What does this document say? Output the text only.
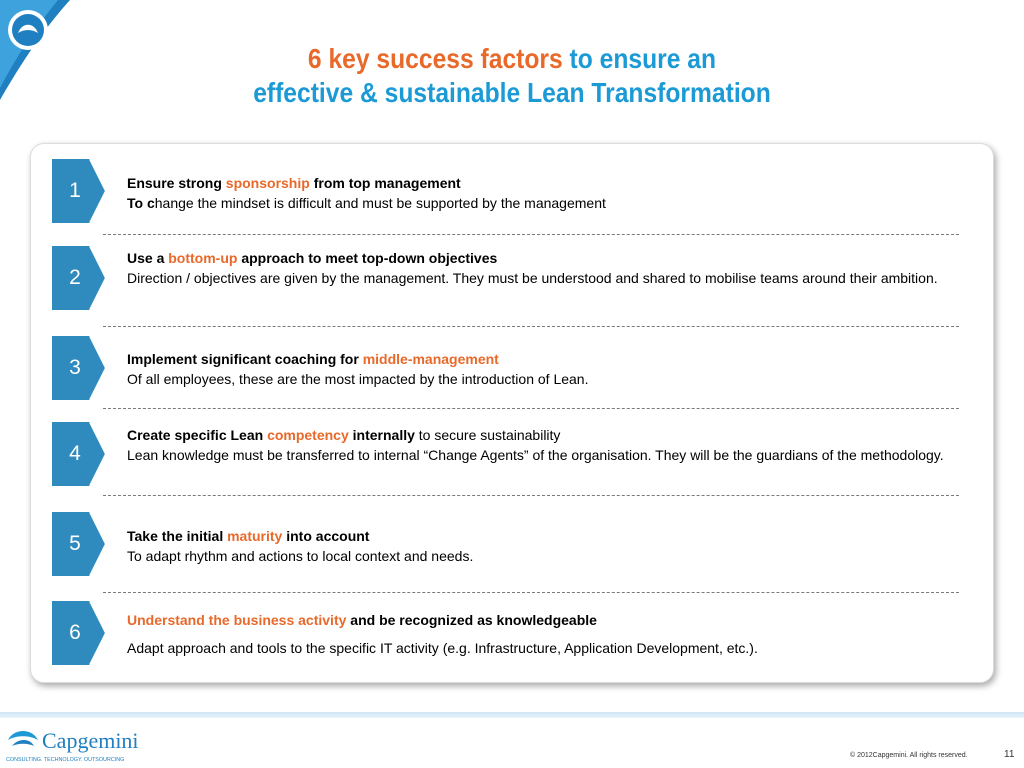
6 key success factors to ensure an
effective & sustainable Lean Transformation
1
2
3
4
5
6
Ensure strong sponsorship from top management
To change the mindset is difficult and must be supported by the management
Use a bottom-up approach to meet top-down objectives
Direction / objectives are given by the management. They must be understood and shared to mobilise teams around their ambition.
Implement significant coaching for middle-management
Of all employees, these are the most impacted by the introduction of Lean.
Create specific Lean competency internally to secure sustainability
Lean knowledge must be transferred to internal “Change Agents” of the organisation. They will be the guardians of the methodology.
Take the initial maturity into account
To adapt rhythm and actions to local context and needs.
Understand the business activity and be recognized as knowledgeable
Adapt approach and tools to the specific IT activity (e.g. Infrastructure, Application Development, etc.).
Capgemini
CONSULTING. TECHNOLOGY. OUTSOURCING
© 2012Capgemini. All rights reserved.	11
